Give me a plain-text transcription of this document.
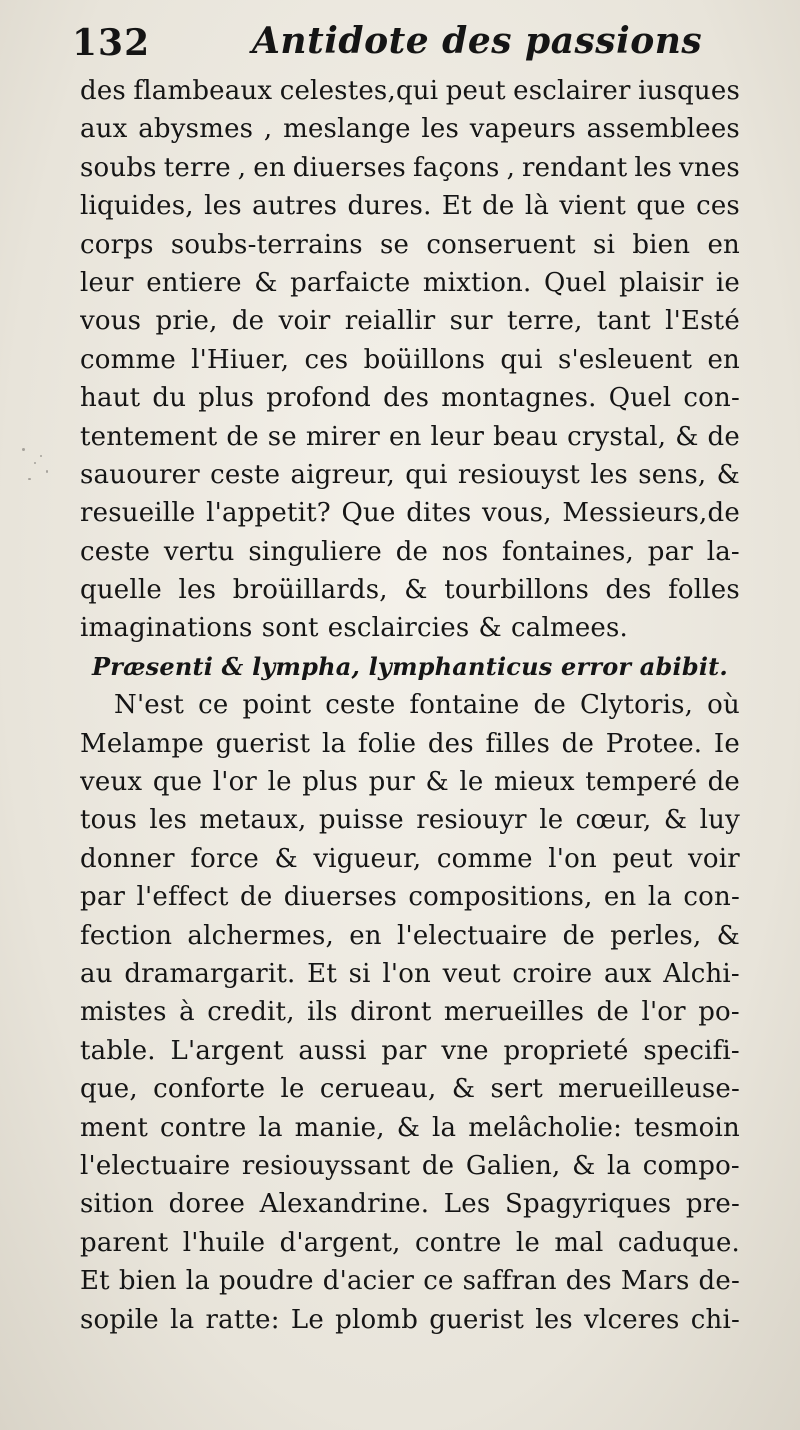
132	Antidote des passions
des flambeaux celestes,qui peut esclairer iusques
aux abysmes , meslange les vapeurs assemblees
soubs terre , en diuerses façons , rendant les vnes
liquides, les autres dures. Et de là vient que ces
corps soubs-terrains se conseruent si bien en
leur entiere & parfaicte mixtion. Quel plaisir ie
vous prie, de voir reiallir sur terre, tant l'Esté
comme l'Hiuer, ces boüillons qui s'esleuent en
haut du plus profond des montagnes. Quel con-
tentement de se mirer en leur beau crystal, & de
sauourer ceste aigreur, qui resiouyst les sens, &
resueille l'appetit? Que dites vous, Messieurs,de
ceste vertu singuliere de nos fontaines, par la-
quelle les broüillards, & tourbillons des folles
imaginations sont esclaircies & calmees.
Præsenti & lympha, lymphanticus error abibit.
N'est ce point ceste fontaine de Clytoris, où
Melampe guerist la folie des filles de Protee. Ie
veux que l'or le plus pur & le mieux temperé de
tous les metaux, puisse resiouyr le cœur, & luy
donner force & vigueur, comme l'on peut voir
par l'effect de diuerses compositions, en la con-
fection alchermes, en l'electuaire de perles, &
au dramargarit. Et si l'on veut croire aux Alchi-
mistes à credit, ils diront merueilles de l'or po-
table. L'argent aussi par vne proprieté specifi-
que, conforte le cerueau, & sert merueilleuse-
ment contre la manie, & la melâcholie: tesmoin
l'electuaire resiouyssant de Galien, & la compo-
sition doree Alexandrine. Les Spagyriques pre-
parent l'huile d'argent, contre le mal caduque.
Et bien la poudre d'acier ce saffran des Mars de-
sopile la ratte: Le plomb guerist les vlceres chi-
